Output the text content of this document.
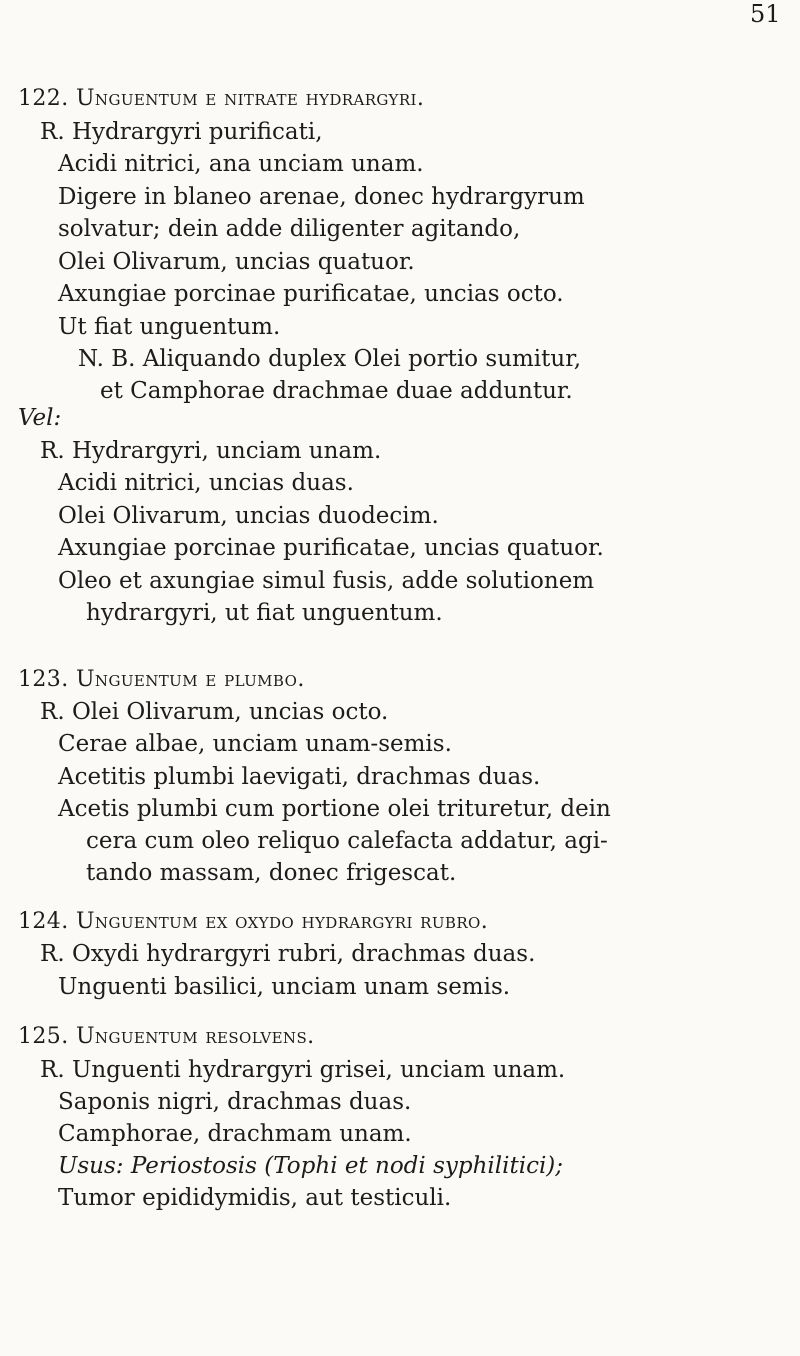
51
122. Unguentum e nitrate hydrargyri.
R. Hydrargyri purificati,
Acidi nitrici, ana unciam unam.
Digere in blaneo arenae, donec hydrargyrum
solvatur; dein adde diligenter agitando,
Olei Olivarum, uncias quatuor.
Axungiae porcinae purificatae, uncias octo.
Ut fiat unguentum.
N. B. Aliquando duplex Olei portio sumitur,
et Camphorae drachmae duae adduntur.
Vel:
R. Hydrargyri, unciam unam.
Acidi nitrici, uncias duas.
Olei Olivarum, uncias duodecim.
Axungiae porcinae purificatae, uncias quatuor.
Oleo et axungiae simul fusis, adde solutionem
hydrargyri, ut fiat unguentum.
123. Unguentum e plumbo.
R. Olei Olivarum, uncias octo.
Cerae albae, unciam unam-semis.
Acetitis plumbi laevigati, drachmas duas.
Acetis plumbi cum portione olei trituretur, dein
cera cum oleo reliquo calefacta addatur, agi-
tando massam, donec frigescat.
124. Unguentum ex oxydo hydrargyri rubro.
R. Oxydi hydrargyri rubri, drachmas duas.
Unguenti basilici, unciam unam semis.
125. Unguentum resolvens.
R. Unguenti hydrargyri grisei, unciam unam.
Saponis nigri, drachmas duas.
Camphorae, drachmam unam.
Usus: Periostosis (Tophi et nodi syphilitici);
Tumor epididymidis, aut testiculi.
